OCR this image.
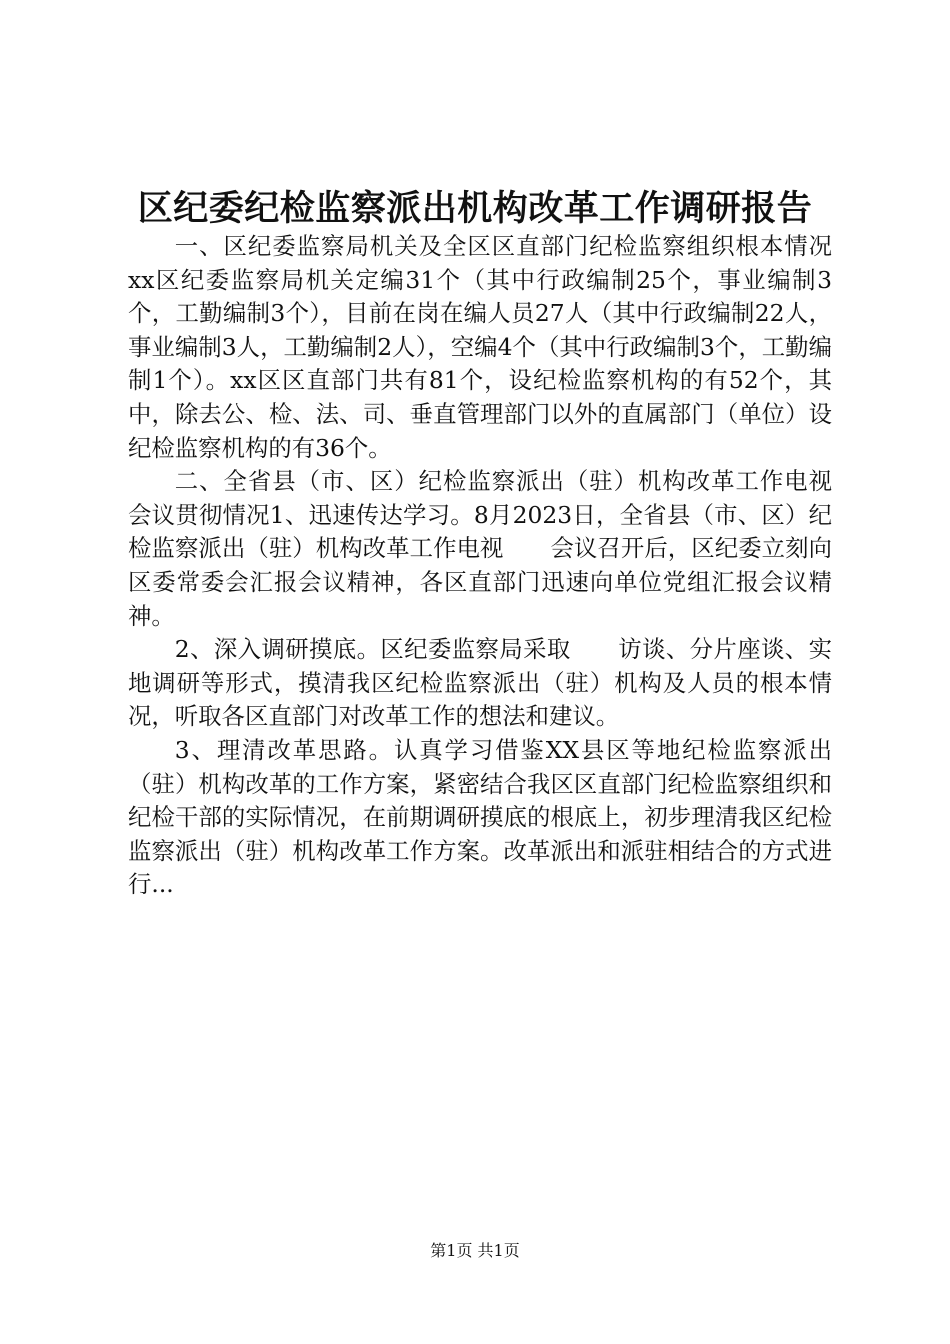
区纪委纪检监察派出机构改革工作调研报告

一、区纪委监察局机关及全区区直部门纪检监察组织根本情况xx区纪委监察局机关定编31个（其中行政编制25个，事业编制3个，工勤编制3个），目前在岗在编人员27人（其中行政编制22人，事业编制3人，工勤编制2人），空编4个（其中行政编制3个，工勤编制1个）。xx区区直部门共有81个，设纪检监察机构的有52个，其中，除去公、检、法、司、垂直管理部门以外的直属部门（单位）设纪检监察机构的有36个。

二、全省县（市、区）纪检监察派出（驻）机构改革工作电视　　会议贯彻情况1、迅速传达学习。8月2023日，全省县（市、区）纪检监察派出（驻）机构改革工作电视　　会议召开后，区纪委立刻向区委常委会汇报会议精神，各区直部门迅速向单位党组汇报会议精神。

2、深入调研摸底。区纪委监察局采取　　访谈、分片座谈、实地调研等形式，摸清我区纪检监察派出（驻）机构及人员的根本情况，听取各区直部门对改革工作的想法和建议。

3、理清改革思路。认真学习借鉴XX县区等地纪检监察派出（驻）机构改革的工作方案，紧密结合我区区直部门纪检监察组织和纪检干部的实际情况，在前期调研摸底的根底上，初步理清我区纪检监察派出（驻）机构改革工作方案。改革派出和派驻相结合的方式进行...

第1页 共1页
